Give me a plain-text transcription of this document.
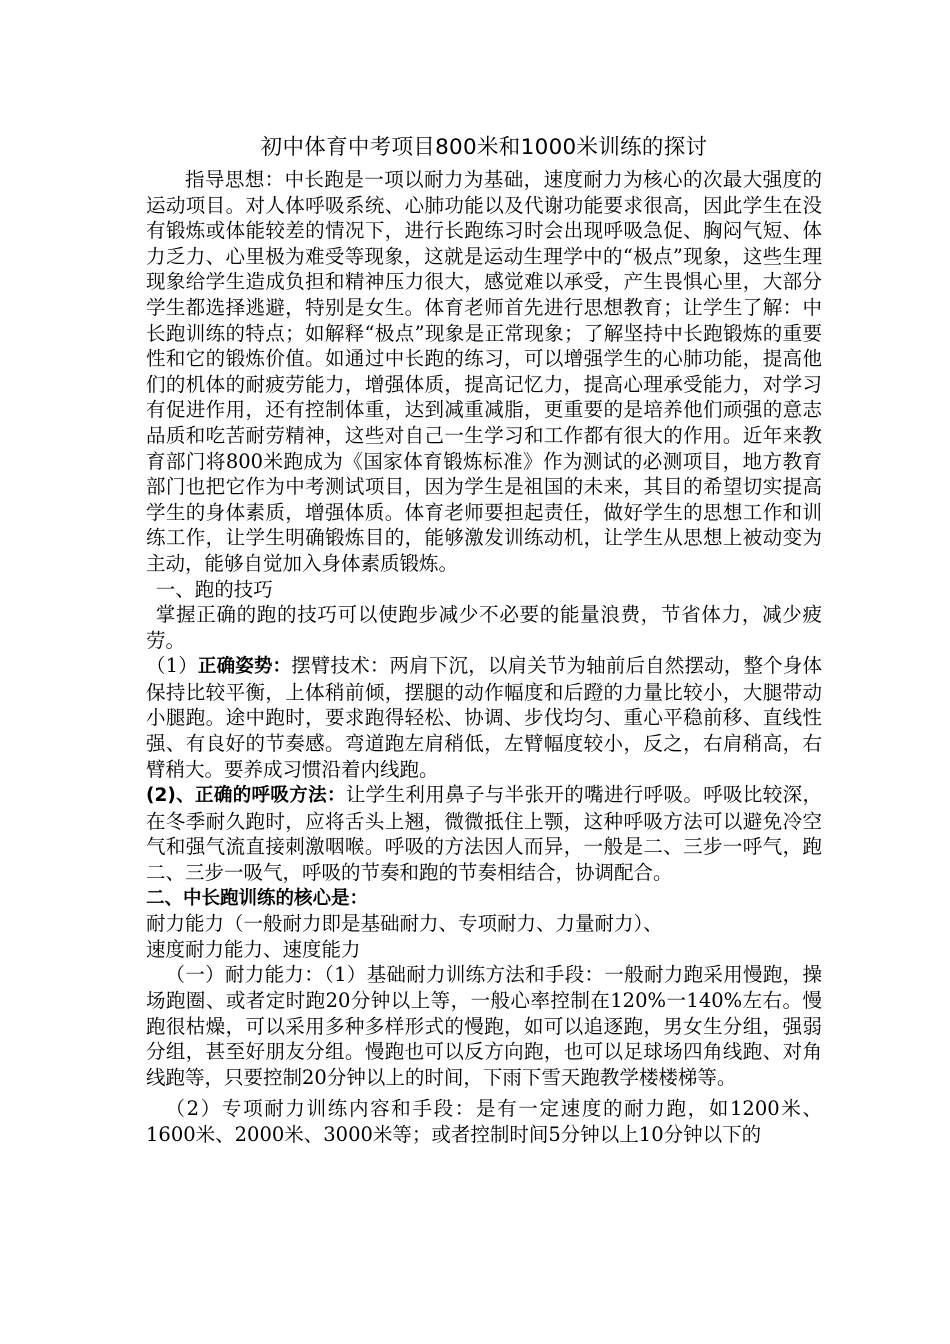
初中体育中考项目800米和1000米训练的探讨

指导思想：中长跑是一项以耐力为基础，速度耐力为核心的次最大强度的运动项目。对人体呼吸系统、心肺功能以及代谢功能要求很高，因此学生在没有锻炼或体能较差的情况下，进行长跑练习时会出现呼吸急促、胸闷气短、体力乏力、心里极为难受等现象，这就是运动生理学中的“极点”现象，这些生理现象给学生造成负担和精神压力很大，感觉难以承受，产生畏惧心里，大部分学生都选择逃避，特别是女生。体育老师首先进行思想教育；让学生了解：中长跑训练的特点；如解释“极点”现象是正常现象；了解坚持中长跑锻炼的重要性和它的锻炼价值。如通过中长跑的练习，可以增强学生的心肺功能，提高他们的机体的耐疲劳能力，增强体质，提高记忆力，提高心理承受能力，对学习有促进作用，还有控制体重，达到减重减脂，更重要的是培养他们顽强的意志品质和吃苦耐劳精神，这些对自己一生学习和工作都有很大的作用。近年来教育部门将800米跑成为《国家体育锻炼标准》作为测试的必测项目，地方教育部门也把它作为中考测试项目，因为学生是祖国的未来，其目的希望切实提高学生的身体素质，增强体质。体育老师要担起责任，做好学生的思想工作和训练工作，让学生明确锻炼目的，能够激发训练动机，让学生从思想上被动变为主动，能够自觉加入身体素质锻炼。

一、跑的技巧

掌握正确的跑的技巧可以使跑步减少不必要的能量浪费，节省体力，减少疲劳。

（1）正确姿势：摆臂技术：两肩下沉，以肩关节为轴前后自然摆动，整个身体保持比较平衡，上体稍前倾，摆腿的动作幅度和后蹬的力量比较小，大腿带动小腿跑。途中跑时，要求跑得轻松、协调、步伐均匀、重心平稳前移、直线性强、有良好的节奏感。弯道跑左肩稍低，左臂幅度较小，反之，右肩稍高，右臂稍大。要养成习惯沿着内线跑。

(2)、正确的呼吸方法：让学生利用鼻子与半张开的嘴进行呼吸。呼吸比较深，在冬季耐久跑时，应将舌头上翘，微微抵住上颚，这种呼吸方法可以避免冷空气和强气流直接刺激咽喉。呼吸的方法因人而异，一般是二、三步一呼气，跑二、三步一吸气，呼吸的节奏和跑的节奏相结合，协调配合。

二、中长跑训练的核心是：

耐力能力（一般耐力即是基础耐力、专项耐力、力量耐力）、

速度耐力能力、速度能力

（一）耐力能力：（1）基础耐力训练方法和手段：一般耐力跑采用慢跑，操场跑圈、或者定时跑20分钟以上等，一般心率控制在120%一140%左右。慢跑很枯燥，可以采用多种多样形式的慢跑，如可以追逐跑，男女生分组，强弱分组，甚至好朋友分组。慢跑也可以反方向跑，也可以足球场四角线跑、对角线跑等，只要控制20分钟以上的时间，下雨下雪天跑教学楼楼梯等。

（2）专项耐力训练内容和手段：是有一定速度的耐力跑，如1200米、1600米、2000米、3000米等；或者控制时间5分钟以上10分钟以下的
